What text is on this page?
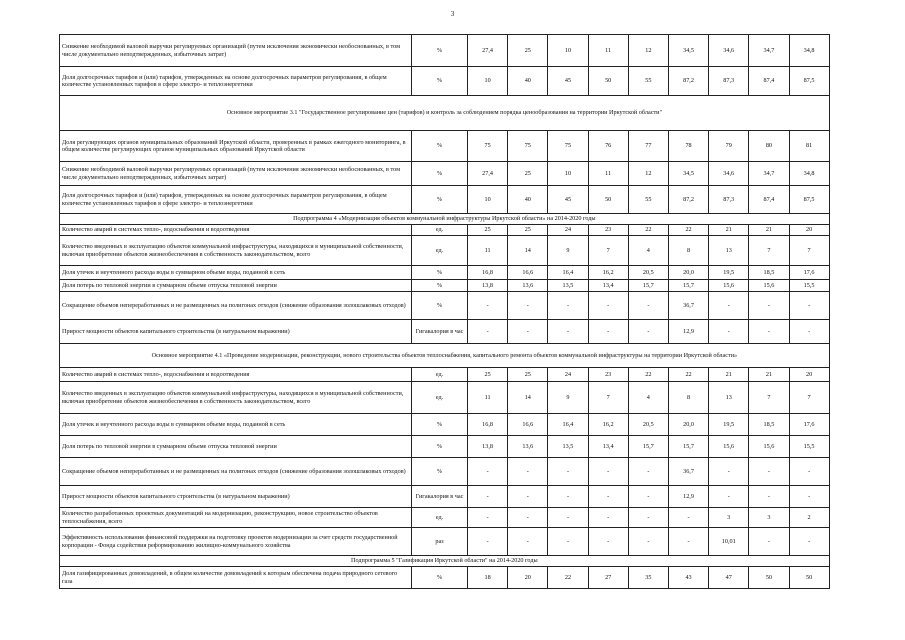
3
Снижение необходимой валовой выручки регулируемых организаций (путем исключения экономически необоснованных, в том числе документально неподтвержденных, избыточных затрат)	%	27,4	25	10	11	12	34,5	34,6	34,7	34,8
Доля долгосрочных тарифов и (или) тарифов, утвержденных на основе долгосрочных параметров регулирования, в общем количестве установленных тарифов в сфере электро- и теплоэнергетики	%	10	40	45	50	55	87,2	87,3	87,4	87,5
Основное мероприятие 3.1 "Государственное регулирование цен (тарифов) и контроль за соблюдением порядка ценообразования на территории Иркутской области"										
Доля регулирующих органов муниципальных образований Иркутской области, проверенных в рамках ежегодного мониторинга, в общем количестве регулирующих органов муниципальных образований Иркутской области	%	75	75	75	76	77	78	79	80	81
Снижение необходимой валовой выручки регулируемых организаций (путем исключения экономически необоснованных, в том числе документально неподтвержденных, избыточных затрат)	%	27,4	25	10	11	12	34,5	34,6	34,7	34,8
Доля долгосрочных тарифов и (или) тарифов, утвержденных на основе долгосрочных параметров регулирования, в общем количестве установленных тарифов в сфере электро- и теплоэнергетики	%	10	40	45	50	55	87,2	87,3	87,4	87,5
Подпрограмма 4 «Модернизация объектов коммунальной инфраструктуры Иркутской области» на 2014-2020 годы										
Количество аварий в системах тепло-, водоснабжения и водоотведения	ед.	25	25	24	23	22	22	21	21	20
Количество введенных в эксплуатацию объектов коммунальной инфраструктуры, находящихся в муниципальной собственности, включая приобретение объектов жизнеобеспечения в собственность законодательством, всего	ед.	11	14	9	7	4	8	13	7	7
Доля утечек и неучтенного расхода воды в суммарном объеме воды, поданной в сеть	%	16,8	16,6	16,4	16,2	20,5	20,0	19,5	18,5	17,6
Доля потерь по тепловой энергии в суммарном объеме отпуска тепловой энергии	%	13,8	13,6	13,5	13,4	15,7	15,7	15,6	15,6	15,5
Сокращение объемов непереработанных и не размещенных на полигонах отходов (снижение образования золошлаковых отходов)	%	-	-	-	-	-	36,7	-	-	-
Прирост мощности объектов капитального строительства (в натуральном выражении)	Гигакалория в час	-	-	-	-	-	12,9	-	-	-
Основное мероприятие 4.1 «Проведение модернизации, реконструкции, нового строительства объектов теплоснабжения, капитального ремонта объектов коммунальной инфраструктуры на территории Иркутской области»										
Количество аварий в системах тепло-, водоснабжения и водоотведения	ед.	25	25	24	23	22	22	21	21	20
Количество введенных в эксплуатацию объектов коммунальной инфраструктуры, находящихся в муниципальной собственности, включая приобретение объектов жизнеобеспечения в собственность законодательством, всего	ед.	11	14	9	7	4	8	13	7	7
Доля утечек и неучтенного расхода воды в суммарном объеме воды, поданной в сеть	%	16,8	16,6	16,4	16,2	20,5	20,0	19,5	18,5	17,6
Доля потерь по тепловой энергии в суммарном объеме отпуска тепловой энергии	%	13,8	13,6	13,5	13,4	15,7	15,7	15,6	15,6	15,5
Сокращение объемов непереработанных и не размещенных на полигонах отходов (снижение образования золошлаковых отходов)	%	-	-	-	-	-	36,7	-	-	-
Прирост мощности объектов капитального строительства (в натуральном выражении)	Гигакалория в час	-	-	-	-	-	12,9	-	-	-
Количество разработанных проектных документаций на модернизацию, реконструкцию, новое строительство объектов теплоснабжения, всего	ед.	-	-	-	-	-	-	3	3	2
Эффективность использования финансовой поддержки на подготовку проектов модернизации за счет средств государственной корпорации - Фонда содействия реформированию жилищно-коммунального хозяйства	раз	-	-	-	-	-	-	10,01	-	-
Подпрограмма 5 "Газификация Иркутской области" на 2014-2020 годы										
Доля газифицированных домовладений, в общем количестве домовладений к которым обеспечена подача природного сетевого газа	%	18	20	22	27	35	43	47	50	50
